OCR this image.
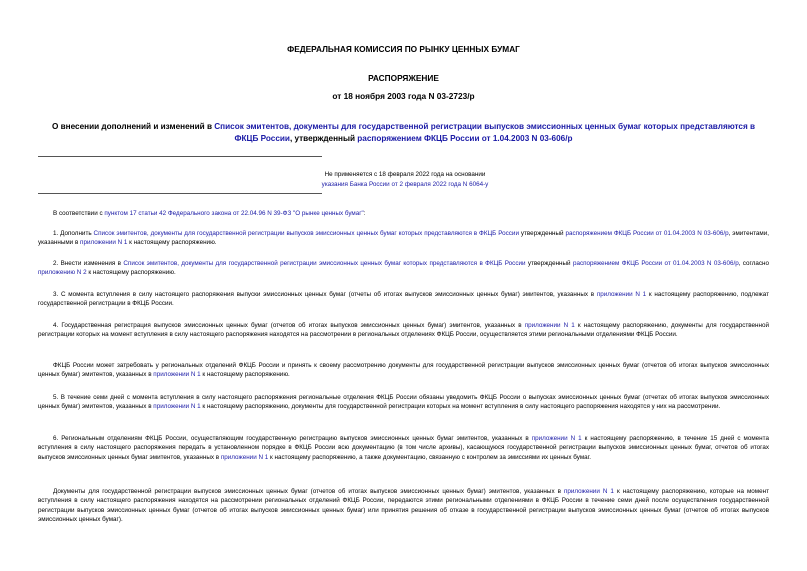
ФЕДЕРАЛЬНАЯ КОМИССИЯ ПО РЫНКУ ЦЕННЫХ БУМАГ
РАСПОРЯЖЕНИЕ
от 18 ноября 2003 года N 03-2723/р
О внесении дополнений и изменений в Список эмитентов, документы для государственной регистрации выпусков эмиссионных ценных бумаг которых представляются в ФКЦБ России, утвержденный распоряжением ФКЦБ России от 1.04.2003 N 03-606/р
Не применяется с 18 февраля 2022 года на основании
указания Банка России от 2 февраля 2022 года N 6064-у

В соответствии с пунктом 17 статьи 42 Федерального закона от 22.04.96 N 39-ФЗ "О рынке ценных бумаг":

1. Дополнить Список эмитентов, документы для государственной регистрации выпусков эмиссионных ценных бумаг которых представляются в ФКЦБ России утвержденный распоряжением ФКЦБ России от 01.04.2003 N 03-606/р, эмитентами, указанными в приложении N 1 к настоящему распоряжению.

2. Внести изменения в Список эмитентов, документы для государственной регистрации эмиссионных ценных бумаг которых представляются в ФКЦБ России утвержденный распоряжением ФКЦБ России от 01.04.2003 N 03-606/р, согласно приложению N 2 к настоящему распоряжению.

3. С момента вступления в силу настоящего распоряжения выпуски эмиссионных ценных бумаг (отчеты об итогах выпусков эмиссионных ценных бумаг) эмитентов, указанных в приложении N 1 к настоящему распоряжению, подлежат государственной регистрации в ФКЦБ России.

4. Государственная регистрация выпусков эмиссионных ценных бумаг (отчетов об итогах выпусков эмиссионных ценных бумаг) эмитентов, указанных в приложении N 1 к настоящему распоряжению, документы для государственной регистрации которых на момент вступления в силу настоящего распоряжения находятся на рассмотрении в региональных отделениях ФКЦБ России, осуществляется этими региональными отделениями ФКЦБ России.

ФКЦБ России может затребовать у региональных отделений ФКЦБ России и принять к своему рассмотрению документы для государственной регистрации выпусков эмиссионных ценных бумаг (отчетов об итогах выпусков эмиссионных ценных бумаг) эмитентов, указанных в приложении N 1 к настоящему распоряжению.

5. В течение семи дней с момента вступления в силу настоящего распоряжения региональные отделения ФКЦБ России обязаны уведомить ФКЦБ России о выпусках эмиссионных ценных бумаг (отчетах об итогах выпусков эмиссионных ценных бумаг) эмитентов, указанных в приложении N 1 к настоящему распоряжению, документы для государственной регистрации которых на момент вступления в силу настоящего распоряжения находятся у них на рассмотрении.

6. Региональным отделениям ФКЦБ России, осуществляющим государственную регистрацию выпусков эмиссионных ценных бумаг эмитентов, указанных в приложении N 1 к настоящему распоряжению, в течение 15 дней с момента вступления в силу настоящего распоряжения передать в установленном порядке в ФКЦБ России всю документацию (в том числе архивы), касающуюся государственной регистрации выпусков эмиссионных ценных бумаг, отчетов об итогах выпусков эмиссионных ценных бумаг эмитентов, указанных в приложении N 1 к настоящему распоряжению, а также документацию, связанную с контролем за эмиссиями их ценных бумаг.

Документы для государственной регистрации выпусков эмиссионных ценных бумаг (отчетов об итогах выпусков эмиссионных ценных бумаг) эмитентов, указанных в приложении N 1 к настоящему распоряжению, которые на момент вступления в силу настоящего распоряжения находятся на рассмотрении региональных отделений ФКЦБ России, передаются этими региональными отделениями в ФКЦБ России в течение семи дней после осуществления государственной регистрации выпусков эмиссионных ценных бумаг (отчетов об итогах выпусков эмиссионных ценных бумаг) или принятия решения об отказе в государственной регистрации выпусков эмиссионных ценных бумаг (отчетов об итогах выпусков эмиссионных ценных бумаг).
